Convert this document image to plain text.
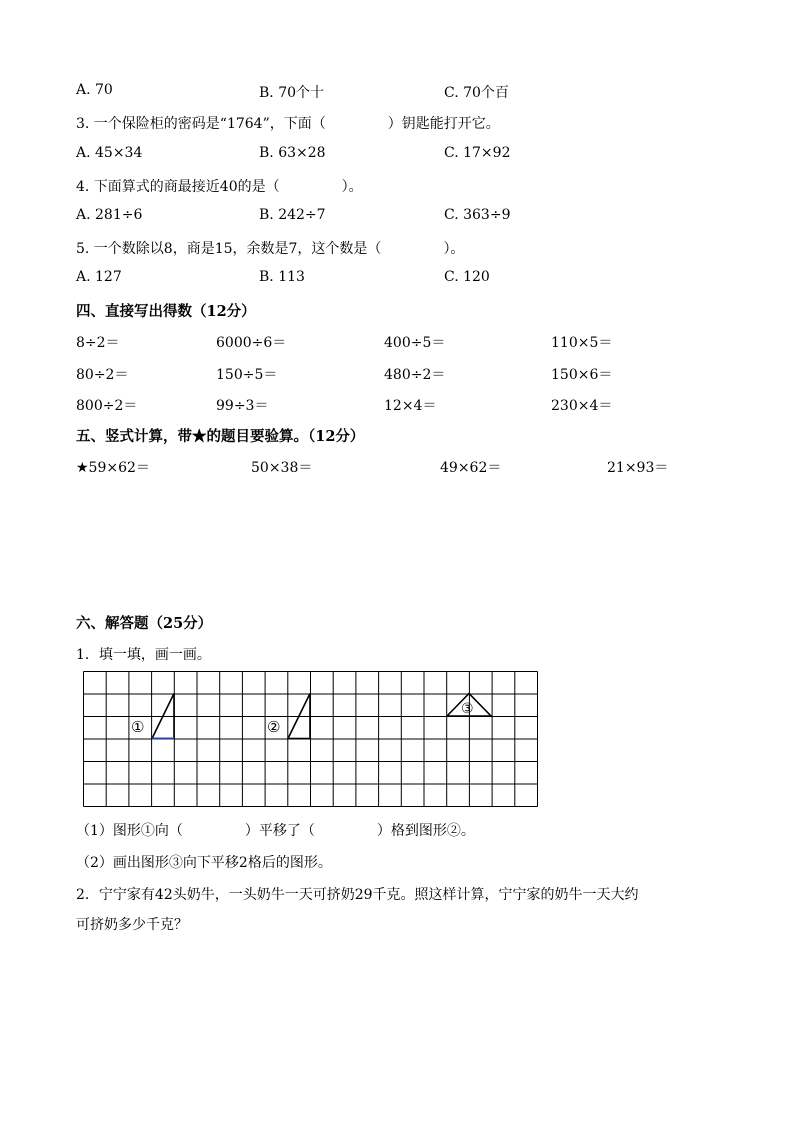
A. 70	B. 70个十	C. 70个百
3. 一个保险柜的密码是“1764”，下面（	）钥匙能打开它。
A. 45×34	B. 63×28	C. 17×92
4. 下面算式的商最接近40的是（	）。
A. 281÷6	B. 242÷7	C. 363÷9
5. 一个数除以8，商是15，余数是7，这个数是（	）。
A. 127	B. 113	C. 120
四、直接写出得数（12分）
8÷2＝	6000÷6＝	400÷5＝	110×5＝
80÷2＝	150÷5＝	480÷2＝	150×6＝
800÷2＝	99÷3＝	12×4＝	230×4＝
五、竖式计算，带★的题目要验算。（12分）
★59×62＝	50×38＝	49×62＝	21×93＝
六、解答题（25分）
1．填一填，画一画。
①	②
③
（1）图形①向（	）平移了（	）格到图形②。
（2）画出图形③向下平移2格后的图形。
2．宁宁家有42头奶牛，一头奶牛一天可挤奶29千克。照这样计算，宁宁家的奶牛一天大约
可挤奶多少千克？
